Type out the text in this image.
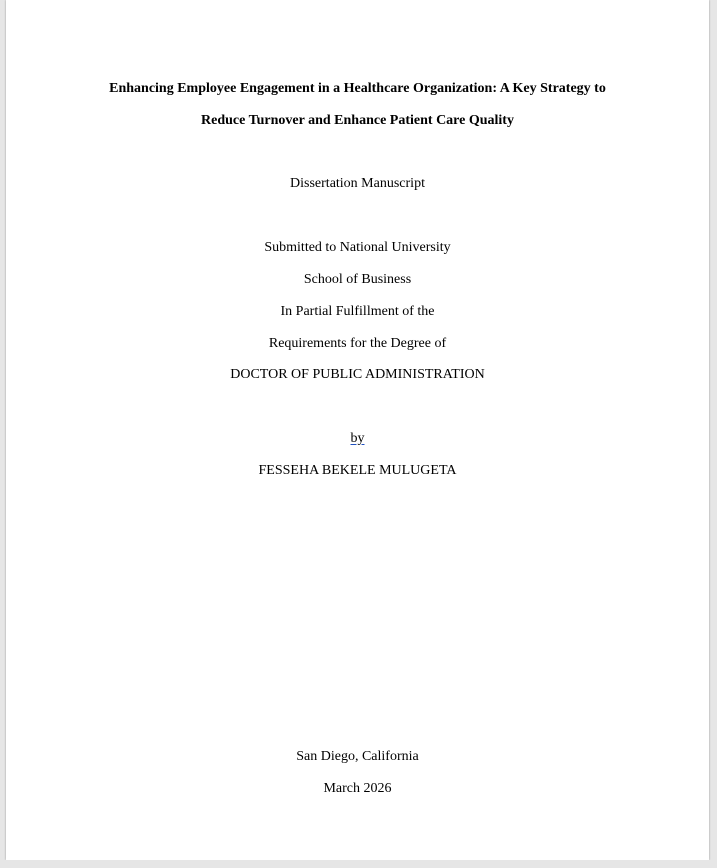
Enhancing Employee Engagement in a Healthcare Organization: A Key Strategy to
Reduce Turnover and Enhance Patient Care Quality
Dissertation Manuscript
Submitted to National University
School of Business
In Partial Fulfillment of the
Requirements for the Degree of
DOCTOR OF PUBLIC ADMINISTRATION
by
FESSEHA BEKELE MULUGETA
San Diego, California
March 2026
